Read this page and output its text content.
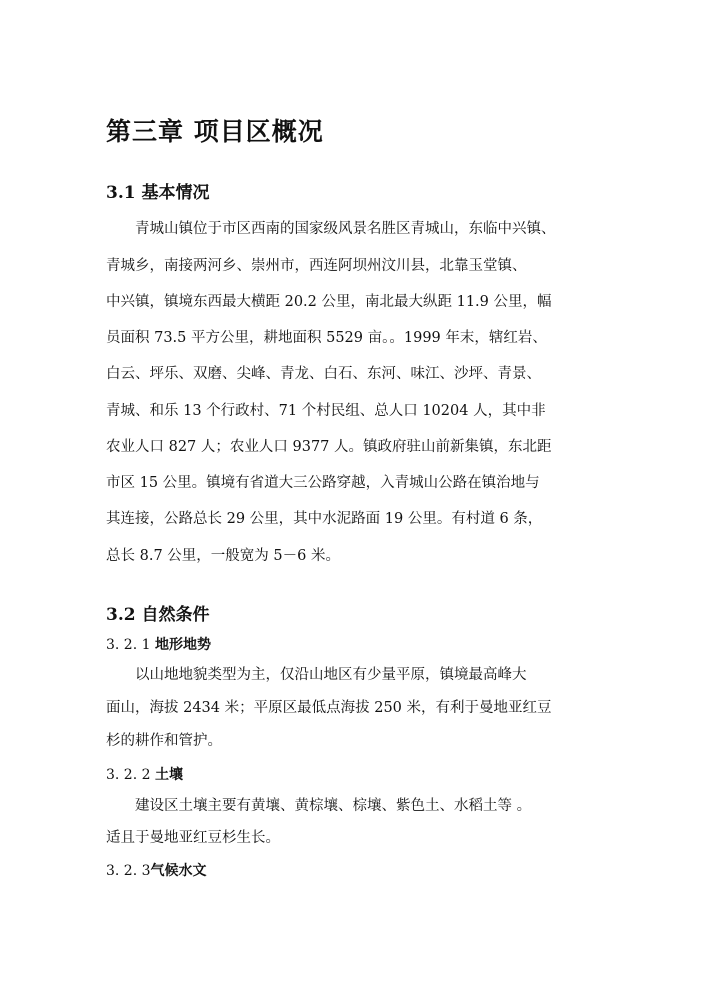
第三章 项目区概况
3.1 基本情况
青城山镇位于市区西南的国家级风景名胜区青城山，东临中兴镇、
青城乡，南接两河乡、崇州市，西连阿坝州汶川县，北靠玉堂镇、
中兴镇，镇境东西最大横距 20.2 公里，南北最大纵距 11.9 公里，幅
员面积 73.5 平方公里，耕地面积 5529 亩。。1999 年末，辖红岩、
白云、坪乐、双磨、尖峰、青龙、白石、东河、味江、沙坪、青景、
青城、和乐 13 个行政村、71 个村民组、总人口 10204 人，其中非
农业人口 827 人；农业人口 9377 人。镇政府驻山前新集镇，东北距
市区 15 公里。镇境有省道大三公路穿越，入青城山公路在镇治地与
其连接，公路总长 29 公里，其中水泥路面 19 公里。有村道 6 条，
总长 8.7 公里，一般宽为 5－6 米。
3.2 自然条件
3. 2. 1 地形地势
以山地地貌类型为主，仅沿山地区有少量平原，镇境最高峰大
面山，海拔 2434 米；平原区最低点海拔 250 米，有利于曼地亚红豆
杉的耕作和管护。
3. 2. 2 土壤
建设区土壤主要有黄壤、黄棕壤、棕壤、紫色土、水稻土等 。
适且于曼地亚红豆杉生长。
3. 2. 3气候水文
